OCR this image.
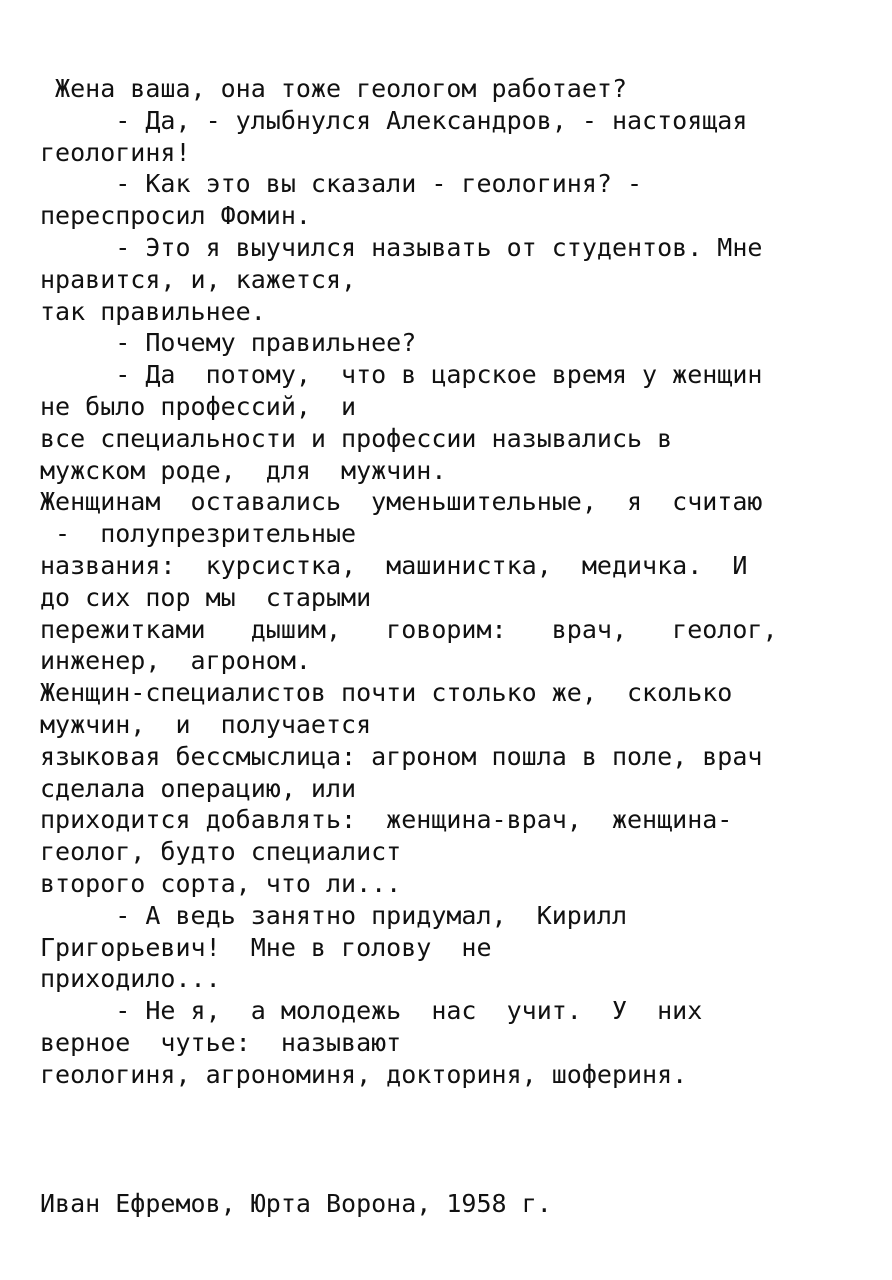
Жена ваша, она тоже геологом работает?
- Да, - улыбнулся Александров, - настоящая
геологиня!
- Как это вы сказали - геологиня? -
переспросил Фомин.
- Это я выучился называть от студентов. Мне
нравится, и, кажется,
так правильнее.
- Почему правильнее?
- Да  потому,  что в царское время у женщин
не было профессий,  и
все специальности и профессии назывались в
мужском роде,  для  мужчин.
Женщинам  оставались  уменьшительные,  я  считаю
-  полупрезрительные
названия:  курсистка,  машинистка,  медичка.  И
до сих пор мы  старыми
пережитками   дышим,   говорим:   врач,   геолог,
инженер,  агроном.
Женщин-специалистов почти столько же,  сколько
мужчин,  и  получается
языковая бессмыслица: агроном пошла в поле, врач
сделала операцию, или
приходится добавлять:  женщина-врач,  женщина-
геолог, будто специалист
второго сорта, что ли...
- А ведь занятно придумал,  Кирилл
Григорьевич!  Мне в голову  не
приходило...
- Не я,  а молодежь  нас  учит.  У  них
верное  чутье:  называют
геологиня, агрономиня, докториня, шофериня.
Иван Ефремов, Юрта Ворона, 1958 г.
